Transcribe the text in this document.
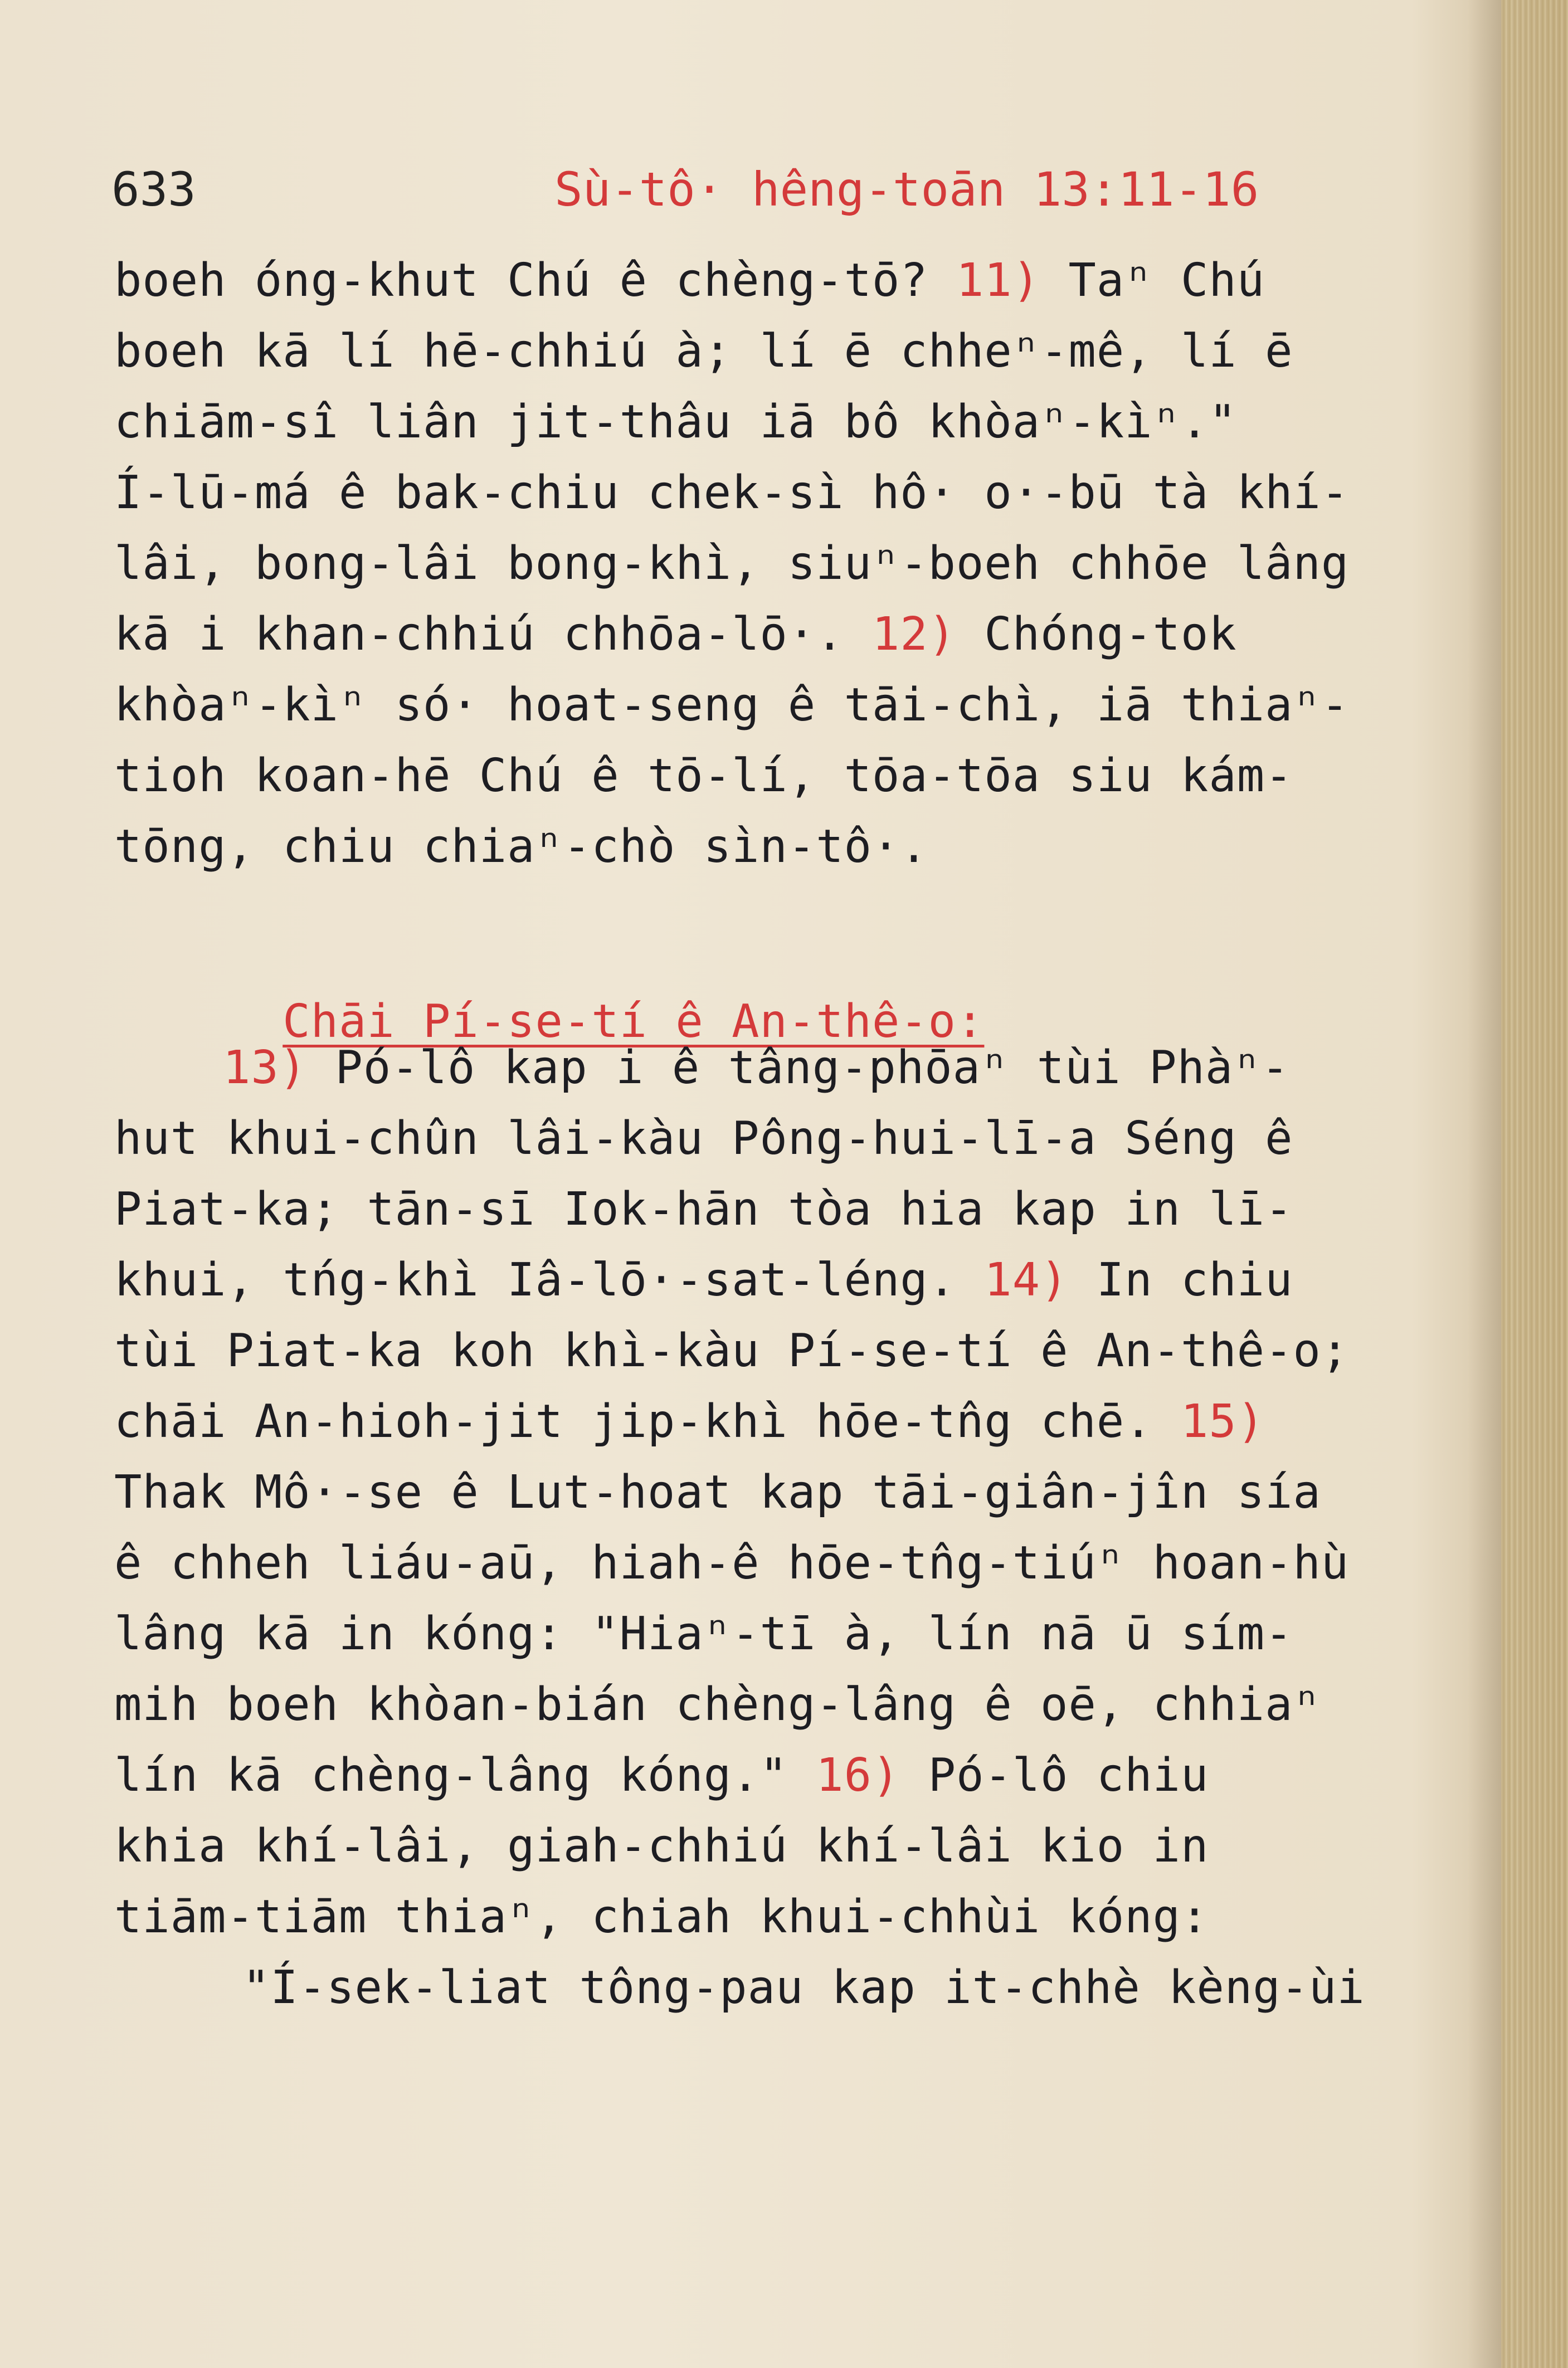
633	Sù-tô· hêng-toān 13:11-16
boeh óng-khut Chú ê chèng-tō? 11) Taⁿ Chú
boeh kā lí hē-chhiú à; lí ē chheⁿ-mê, lí ē
chiām-sî liân jit-thâu iā bô khòaⁿ-kìⁿ."
Í-lū-má ê bak-chiu chek-sì hô· o·-bū tà khí-
lâi, bong-lâi bong-khì, siuⁿ-boeh chhōe lâng
kā i khan-chhiú chhōa-lō·. 12) Chóng-tok
khòaⁿ-kìⁿ só· hoat-seng ê tāi-chì, iā thiaⁿ-
tioh koan-hē Chú ê tō-lí, tōa-tōa siu kám-
tōng, chiu chiaⁿ-chò sìn-tô·.

Chāi Pí-se-tí ê An-thê-o:

13) Pó-lô kap i ê tâng-phōaⁿ tùi Phàⁿ-
hut khui-chûn lâi-kàu Pông-hui-lī-a Séng ê
Piat-ka; tān-sī Iok-hān tòa hia kap in lī-
khui, tńg-khì Iâ-lō·-sat-léng. 14) In chiu
tùi Piat-ka koh khì-kàu Pí-se-tí ê An-thê-o;
chāi An-hioh-jit jip-khì hōe-tn̂g chē. 15)
Thak Mô·-se ê Lut-hoat kap tāi-giân-jîn sía
ê chheh liáu-aū, hiah-ê hōe-tn̂g-tiúⁿ hoan-hù
lâng kā in kóng: "Hiaⁿ-tī à, lín nā ū sím-
mih boeh khòan-bián chèng-lâng ê oē, chhiaⁿ
lín kā chèng-lâng kóng." 16) Pó-lô chiu
khia khí-lâi, giah-chhiú khí-lâi kio in
tiām-tiām thiaⁿ, chiah khui-chhùi kóng:
"Í-sek-liat tông-pau kap it-chhè kèng-ùi
